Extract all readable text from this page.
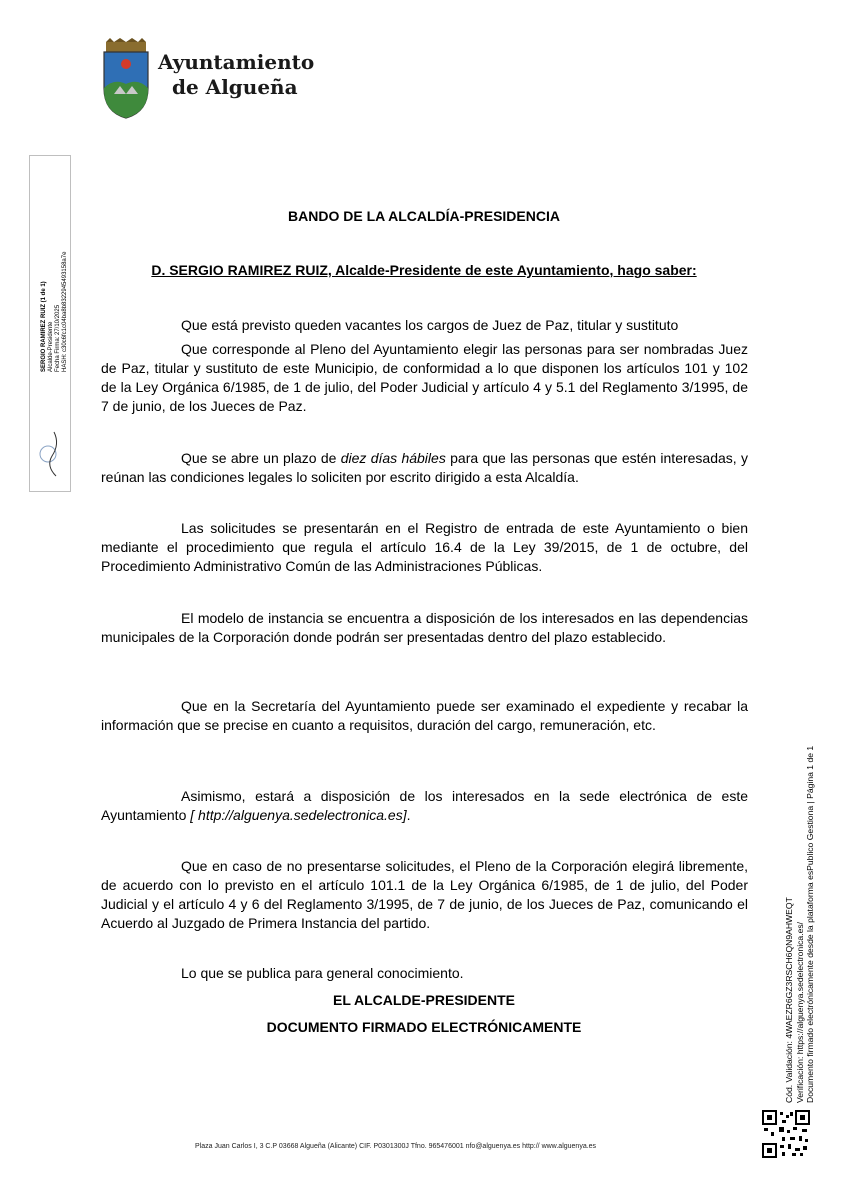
Ayuntamiento
de Algueña
SERGIO RAMIREZ RUIZ (1 de 1)
Alcalde-Presidente
Fecha Firma: 27/10/2025
HASH: c30c6fc1c04ba8b8322945493158a7e
BANDO DE LA ALCALDÍA-PRESIDENCIA
D. SERGIO RAMIREZ RUIZ, Alcalde-Presidente de este Ayuntamiento, hago saber:
Que está previsto queden vacantes los cargos de Juez de Paz, titular y sustituto
Que corresponde al Pleno del Ayuntamiento elegir las personas para ser nombradas Juez de Paz, titular y sustituto de este Municipio, de conformidad a lo que disponen los artículos 101 y 102 de la Ley Orgánica 6/1985, de 1 de julio, del Poder Judicial y artículo 4 y 5.1 del Reglamento 3/1995, de 7 de junio, de los Jueces de Paz.
Que se abre un plazo de diez días hábiles para que las personas que estén interesadas, y reúnan las condiciones legales lo soliciten por escrito dirigido a esta Alcaldía.
Las solicitudes se presentarán en el Registro de entrada de este Ayuntamiento o bien mediante el procedimiento que regula el artículo 16.4 de la Ley 39/2015, de 1 de octubre, del Procedimiento Administrativo Común de las Administraciones Públicas.
El modelo de instancia se encuentra a disposición de los interesados en las dependencias municipales de la Corporación donde podrán ser presentadas dentro del plazo establecido.
Que en la Secretaría del Ayuntamiento puede ser examinado el expediente y recabar la información que se precise en cuanto a requisitos, duración del cargo, remuneración, etc.
Asimismo, estará a disposición de los interesados en la sede electrónica de este Ayuntamiento [ http://alguenya.sedelectronica.es].
Que en caso de no presentarse solicitudes, el Pleno de la Corporación elegirá libremente, de acuerdo con lo previsto en el artículo 101.1 de la Ley Orgánica 6/1985, de 1 de julio, del Poder Judicial y el artículo 4 y 6 del Reglamento 3/1995, de 7 de junio, de los Jueces de Paz, comunicando el Acuerdo al Juzgado de Primera Instancia del partido.
Lo que se publica para general conocimiento.
EL ALCALDE-PRESIDENTE
DOCUMENTO FIRMADO ELECTRÓNICAMENTE	Cód. Validación: 4WAEZR6GZ3RSCH6QN9AHWEQT Verificación: https://alguenya.sedelectronica.es/ Documento firmado electrónicamente desde la plataforma esPublico Gestiona | Página 1 de 1
Plaza Juan Carlos I, 3 C.P 03668 Algueña (Alicante) CIF. P0301300J Tfno. 965476001 nfo@alguenya.es http:// www.alguenya.es
